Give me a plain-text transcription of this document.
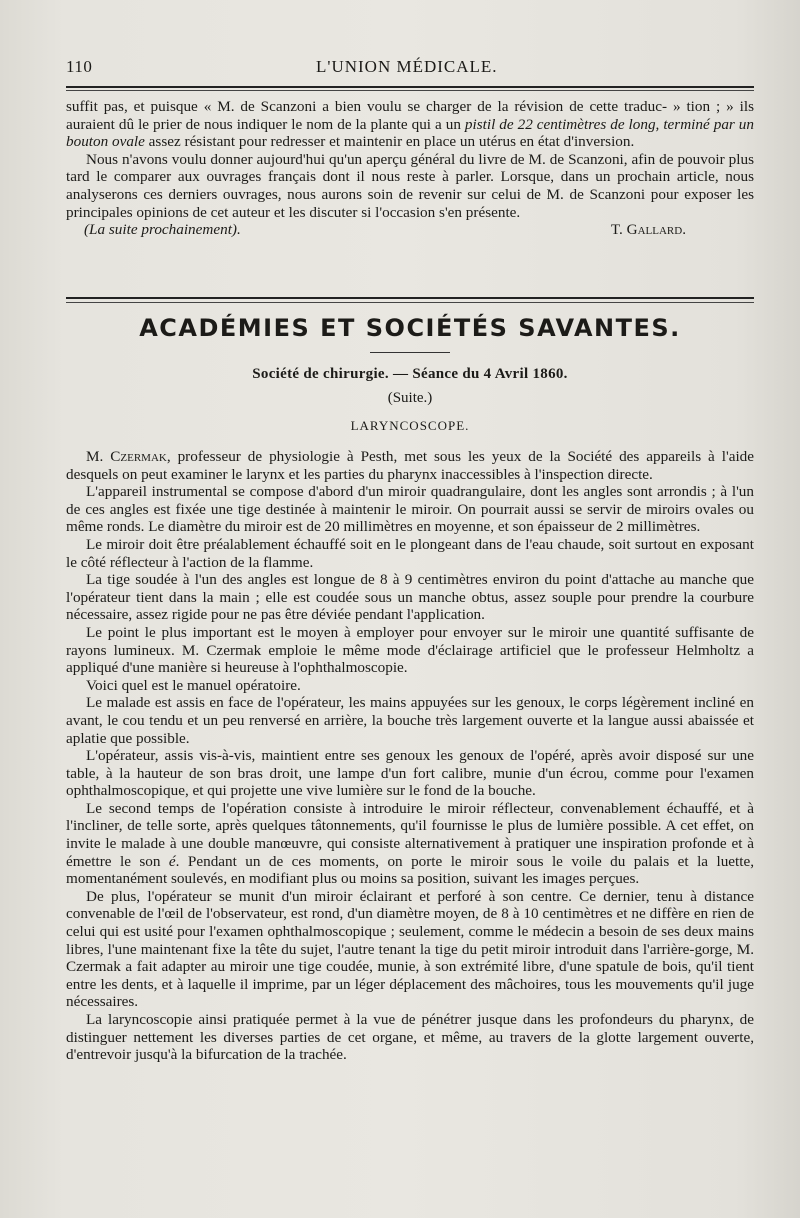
110	L'UNION MÉDICALE.

suffit pas, et puisque « M. de Scanzoni a bien voulu se charger de la révision de cette traduc- » tion ; » ils auraient dû le prier de nous indiquer le nom de la plante qui a un pistil de 22 centimètres de long, terminé par un bouton ovale assez résistant pour redresser et maintenir en place un utérus en état d'inversion.

Nous n'avons voulu donner aujourd'hui qu'un aperçu général du livre de M. de Scanzoni, afin de pouvoir plus tard le comparer aux ouvrages français dont il nous reste à parler. Lorsque, dans un prochain article, nous analyserons ces derniers ouvrages, nous aurons soin de revenir sur celui de M. de Scanzoni pour exposer les principales opinions de cet auteur et les discuter si l'occasion s'en présente.

(La suite prochainement).	T. Gallard.
ACADÉMIES ET SOCIÉTÉS SAVANTES.
Société de chirurgie. — Séance du 4 Avril 1860.
(Suite.)
LARYNCOSCOPE.

M. Czermak, professeur de physiologie à Pesth, met sous les yeux de la Société des appareils à l'aide desquels on peut examiner le larynx et les parties du pharynx inaccessibles à l'inspection directe.

L'appareil instrumental se compose d'abord d'un miroir quadrangulaire, dont les angles sont arrondis ; à l'un de ces angles est fixée une tige destinée à maintenir le miroir. On pourrait aussi se servir de miroirs ovales ou même ronds. Le diamètre du miroir est de 20 millimètres en moyenne, et son épaisseur de 2 millimètres.

Le miroir doit être préalablement échauffé soit en le plongeant dans de l'eau chaude, soit surtout en exposant le côté réflecteur à l'action de la flamme.

La tige soudée à l'un des angles est longue de 8 à 9 centimètres environ du point d'attache au manche que l'opérateur tient dans la main ; elle est coudée sous un manche obtus, assez souple pour prendre la courbure nécessaire, assez rigide pour ne pas être déviée pendant l'application.

Le point le plus important est le moyen à employer pour envoyer sur le miroir une quantité suffisante de rayons lumineux. M. Czermak emploie le même mode d'éclairage artificiel que le professeur Helmholtz a appliqué d'une manière si heureuse à l'ophthalmoscopie.

Voici quel est le manuel opératoire.

Le malade est assis en face de l'opérateur, les mains appuyées sur les genoux, le corps légèrement incliné en avant, le cou tendu et un peu renversé en arrière, la bouche très largement ouverte et la langue aussi abaissée et aplatie que possible.

L'opérateur, assis vis-à-vis, maintient entre ses genoux les genoux de l'opéré, après avoir disposé sur une table, à la hauteur de son bras droit, une lampe d'un fort calibre, munie d'un écrou, comme pour l'examen ophthalmoscopique, et qui projette une vive lumière sur le fond de la bouche.

Le second temps de l'opération consiste à introduire le miroir réflecteur, convenablement échauffé, et à l'incliner, de telle sorte, après quelques tâtonnements, qu'il fournisse le plus de lumière possible. A cet effet, on invite le malade à une double manœuvre, qui consiste alternativement à pratiquer une inspiration profonde et à émettre le son é. Pendant un de ces moments, on porte le miroir sous le voile du palais et la luette, momentanément soulevés, en modifiant plus ou moins sa position, suivant les images perçues.

De plus, l'opérateur se munit d'un miroir éclairant et perforé à son centre. Ce dernier, tenu à distance convenable de l'œil de l'observateur, est rond, d'un diamètre moyen, de 8 à 10 centimètres et ne diffère en rien de celui qui est usité pour l'examen ophthalmoscopique ; seulement, comme le médecin a besoin de ses deux mains libres, l'une maintenant fixe la tête du sujet, l'autre tenant la tige du petit miroir introduit dans l'arrière-gorge, M. Czermak a fait adapter au miroir une tige coudée, munie, à son extrémité libre, d'une spatule de bois, qu'il tient entre les dents, et à laquelle il imprime, par un léger déplacement des mâchoires, tous les mouvements qu'il juge nécessaires.

La laryncoscopie ainsi pratiquée permet à la vue de pénétrer jusque dans les profondeurs du pharynx, de distinguer nettement les diverses parties de cet organe, et même, au travers de la glotte largement ouverte, d'entrevoir jusqu'à la bifurcation de la trachée.
